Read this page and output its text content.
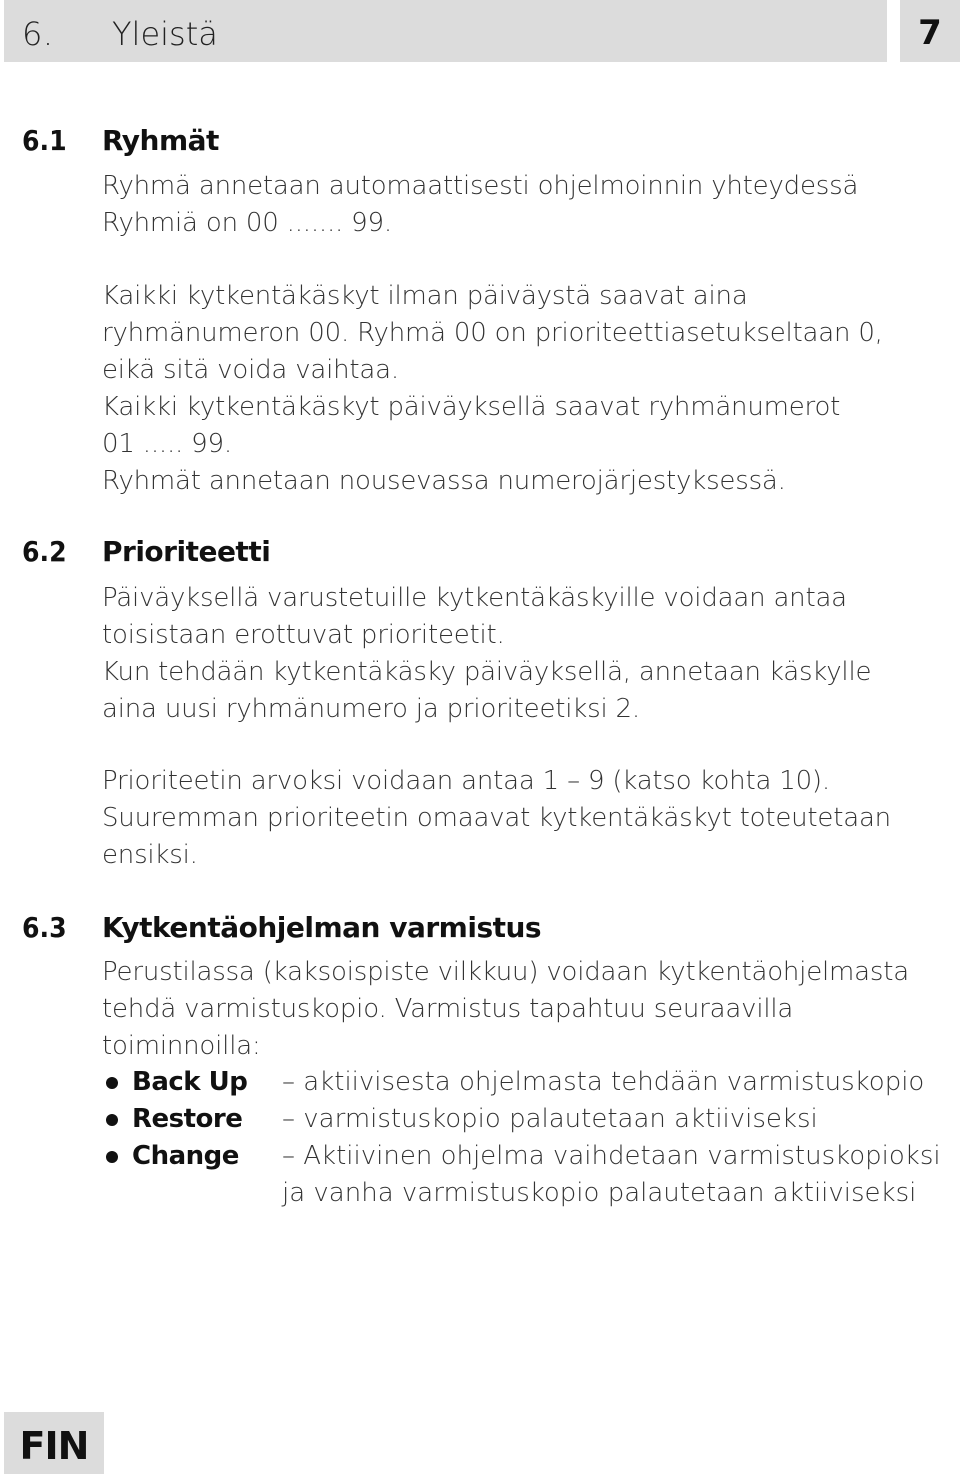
6. Yleistä	7
6.1 Ryhmät
Ryhmä annetaan automaattisesti ohjelmoinnin yhteydessä
Ryhmiä on 00 ....... 99.
Kaikki kytkentäkäskyt ilman päiväystä saavat aina
ryhmänumeron 00. Ryhmä 00 on prioriteettiasetukseltaan 0,
eikä sitä voida vaihtaa.
Kaikki kytkentäkäskyt päiväyksellä saavat ryhmänumerot
01 ..... 99.
Ryhmät annetaan nousevassa numerojärjestyksessä.
6.2 Prioriteetti
Päiväyksellä varustetuille kytkentäkäskyille voidaan antaa
toisistaan erottuvat prioriteetit.
Kun tehdään kytkentäkäsky päiväyksellä, annetaan käskylle
aina uusi ryhmänumero ja prioriteetiksi 2.
Prioriteetin arvoksi voidaan antaa 1 – 9 (katso kohta 10).
Suuremman prioriteetin omaavat kytkentäkäskyt toteutetaan
ensiksi.
6.3 Kytkentäohjelman varmistus
Perustilassa (kaksoispiste vilkkuu) voidaan kytkentäohjelmasta
tehdä varmistuskopio. Varmistus tapahtuu seuraavilla
toiminnoilla:
Back Up – aktiivisesta ohjelmasta tehdään varmistuskopio
Restore – varmistuskopio palautetaan aktiiviseksi
Change – Aktiivinen ohjelma vaihdetaan varmistuskopioksi
ja vanha varmistuskopio palautetaan aktiiviseksi
FIN
